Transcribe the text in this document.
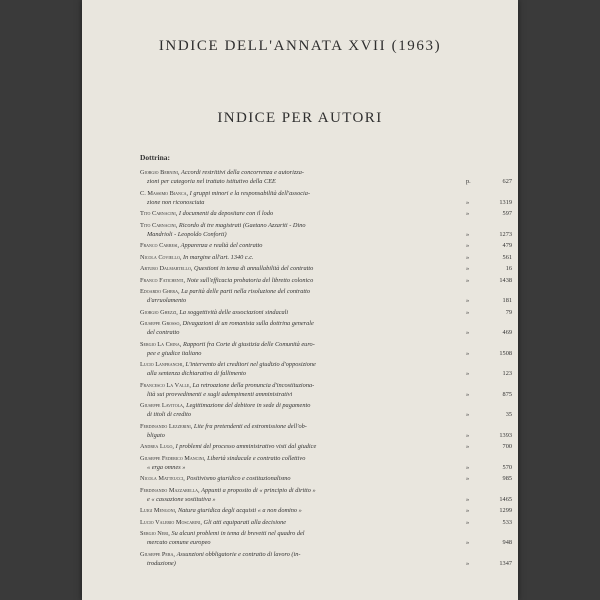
INDICE DELL'ANNATA XVII (1963)
INDICE PER AUTORI
Dottrina:
Giorgio Bernini, Accordi restrittivi della concorrenza e autorizza-
zioni per categoria nel trattato istitutivo della CEE	p.	627
C. Massimo Bianca, I gruppi minori e la responsabilità dell'associa-
zione non riconosciuta	»	1319
Tito Carnacini, I documenti da depositare con il lodo	»	597
Tito Carnacini, Ricordo di tre magistrati (Gaetano Azzariti - Dino
Mandrioli - Leopoldo Conforti)	»	1273
Franco Carresi, Apparenza e realtà del contratto	»	479
Nicola Coviello, In margine all'art. 1340 c.c.	»	561
Arturo Dalmartello, Questioni in tema di annullabilità del contratto	»	16
Franco Fatichenti, Note sull'efficacia probatoria del libretto colonico	»	1438
Edoardo Ghera, La parità delle parti nella risoluzione del contratto
d'arruolamento	»	181
Giorgio Ghezzi, La soggettività delle associazioni sindacali	»	79
Giuseppe Grosso, Divagazioni di un romanista sulla dottrina generale
del contratto	»	469
Sergio La China, Rapporti fra Corte di giustizia delle Comunità euro-
pee e giudice italiano	»	1508
Lucio Lanfranchi, L'intervento dei creditori nel giudizio d'opposizione
alla sentenza dichiarativa di fallimento	»	123
Francesco La Valle, La retroazione della pronuncia d'incostituziona-
lità sui provvedimenti e sugli adempimenti amministrativi	»	875
Giuseppe Lavitola, Legittimazione del debitore in sede di pagamento
di titoli di credito	»	35
Ferdinando Lezzerini, Lite fra pretendenti ed estromissione dell'ob-
bligato	»	1393
Andrea Lugo, I problemi del processo amministrativo visti dal giudice	»	700
Giuseppe Federico Mancini, Libertà sindacale e contratto collettivo
« erga omnes »	»	570
Nicola Matteucci, Positivismo giuridico e costituzionalismo	»	985
Ferdinando Mazzarella, Appunti a proposito di « principio di diritto »
e « cassazione sostitutiva »	»	1465
Luigi Mengoni, Natura giuridica degli acquisti « a non domino »	»	1299
Lucio Valerio Moscarini, Gli atti equiparati alla decisione	»	533
Sergio Neri, Su alcuni problemi in tema di brevetti nel quadro del
mercato comune europeo	»	948
Giuseppe Pera, Assunzioni obbligatorie e contratto di lavoro (in-
troduzione)	»	1347
